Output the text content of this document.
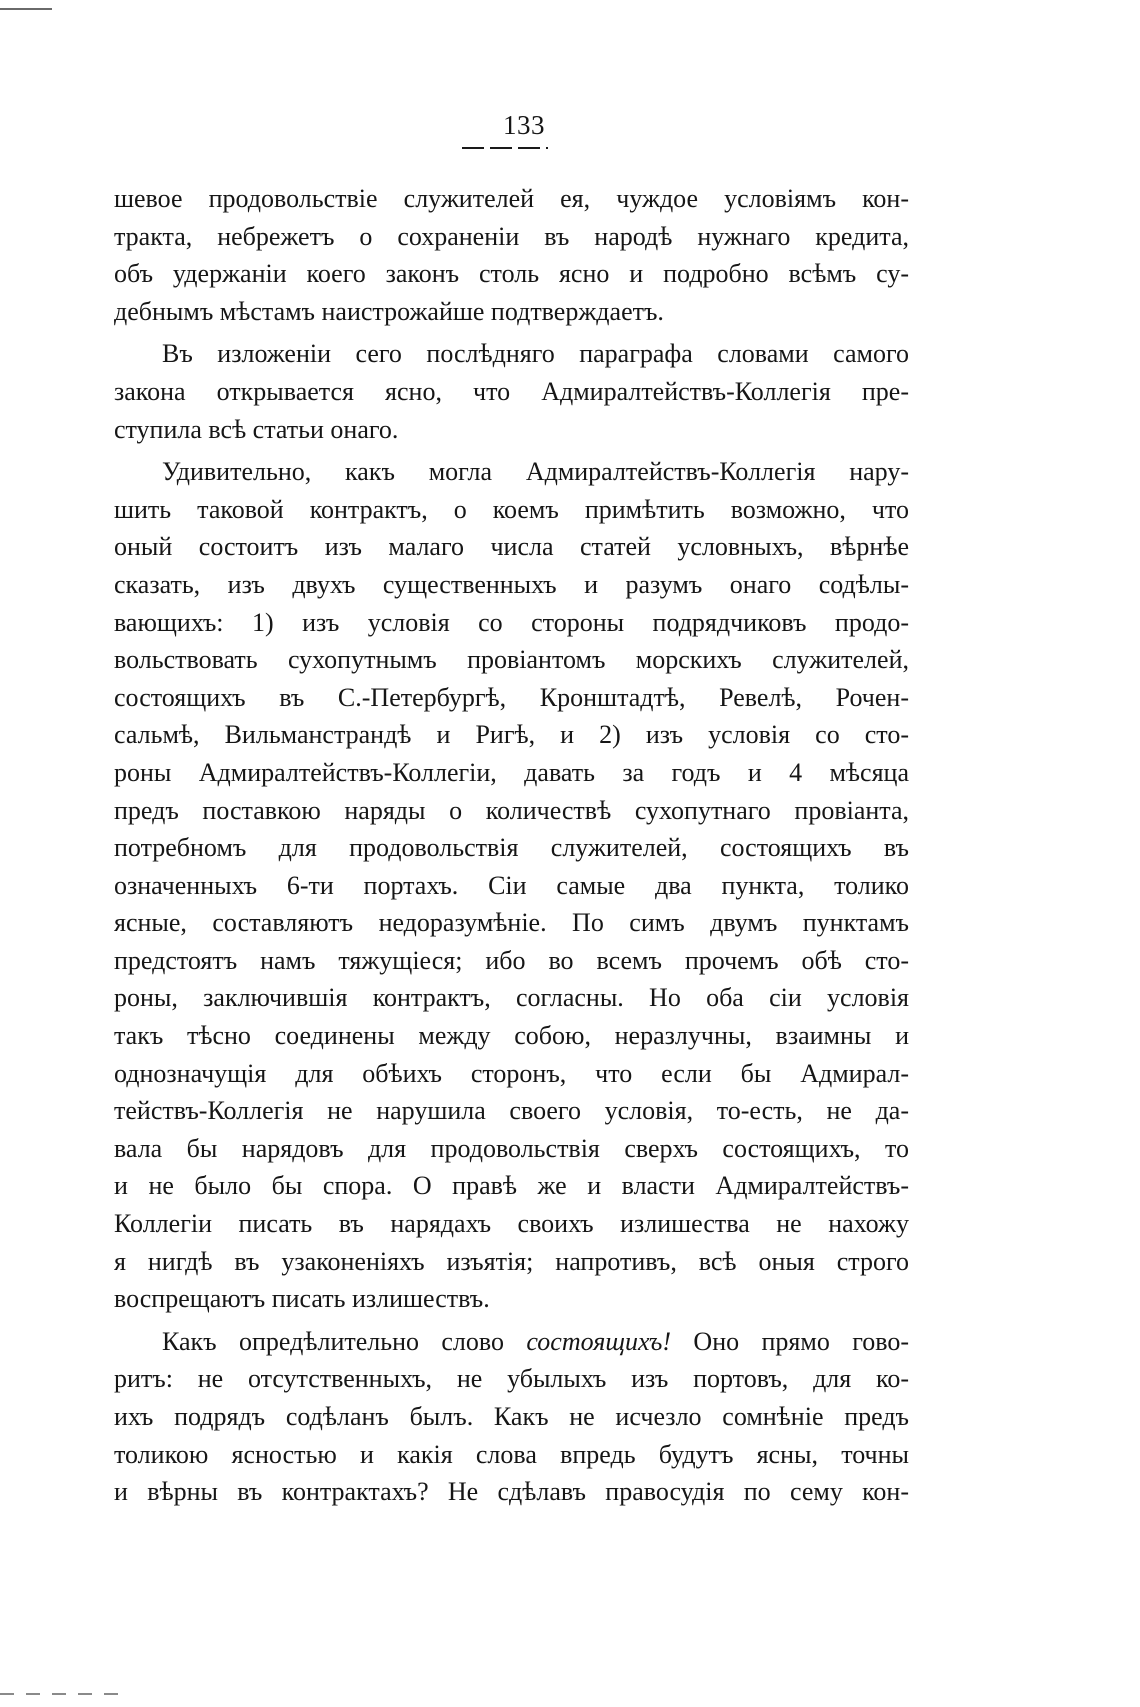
133
шевое продовольствіе служителей ея, чуждое условіямъ кон-
тракта, небрежетъ о сохраненіи въ народѣ нужнаго кредита,
объ удержаніи коего законъ столь ясно и подробно всѣмъ су-
дебнымъ мѣстамъ наистрожайше подтверждаетъ.
Въ изложеніи сего послѣдняго параграфа словами самого
закона открывается ясно, что Адмиралтействъ-Коллегія пре-
ступила всѣ статьи онаго.
Удивительно, какъ могла Адмиралтействъ-Коллегія нару-
шить таковой контрактъ, о коемъ примѣтить возможно, что
оный состоитъ изъ малаго числа статей условныхъ, вѣрнѣе
сказать, изъ двухъ существенныхъ и разумъ онаго содѣлы-
вающихъ: 1) изъ условія со стороны подрядчиковъ продо-
вольствовать сухопутнымъ провіантомъ морскихъ служителей,
состоящихъ въ С.-Петербургѣ, Кронштадтѣ, Ревелѣ, Рочен-
сальмѣ, Вильманстрандѣ и Ригѣ, и 2) изъ условія со сто-
роны Адмиралтействъ-Коллегіи, давать за годъ и 4 мѣсяца
предъ поставкою наряды о количествѣ сухопутнаго провіанта,
потребномъ для продовольствія служителей, состоящихъ въ
означенныхъ 6-ти портахъ. Сіи самые два пункта, толико
ясные, составляютъ недоразумѣніе. По симъ двумъ пунктамъ
предстоятъ намъ тяжущіеся; ибо во всемъ прочемъ обѣ сто-
роны, заключившія контрактъ, согласны. Но оба сіи условія
такъ тѣсно соединены между собою, неразлучны, взаимны и
однозначущія для обѣихъ сторонъ, что если бы Адмирал-
тействъ-Коллегія не нарушила своего условія, то-есть, не да-
вала бы нарядовъ для продовольствія сверхъ состоящихъ, то
и не было бы спора. О правѣ же и власти Адмиралтействъ-
Коллегіи писать въ нарядахъ своихъ излишества не нахожу
я нигдѣ въ узаконеніяхъ изъятія; напротивъ, всѣ оныя строго
воспрещаютъ писать излишествъ.
Какъ опредѣлительно слово состоящихъ! Оно прямо гово-
ритъ: не отсутственныхъ, не убылыхъ изъ портовъ, для ко-
ихъ подрядъ содѣланъ былъ. Какъ не исчезло сомнѣніе предъ
толикою ясностью и какія слова впредь будутъ ясны, точны
и вѣрны въ контрактахъ? Не сдѣлавъ правосудія по сему кон-
